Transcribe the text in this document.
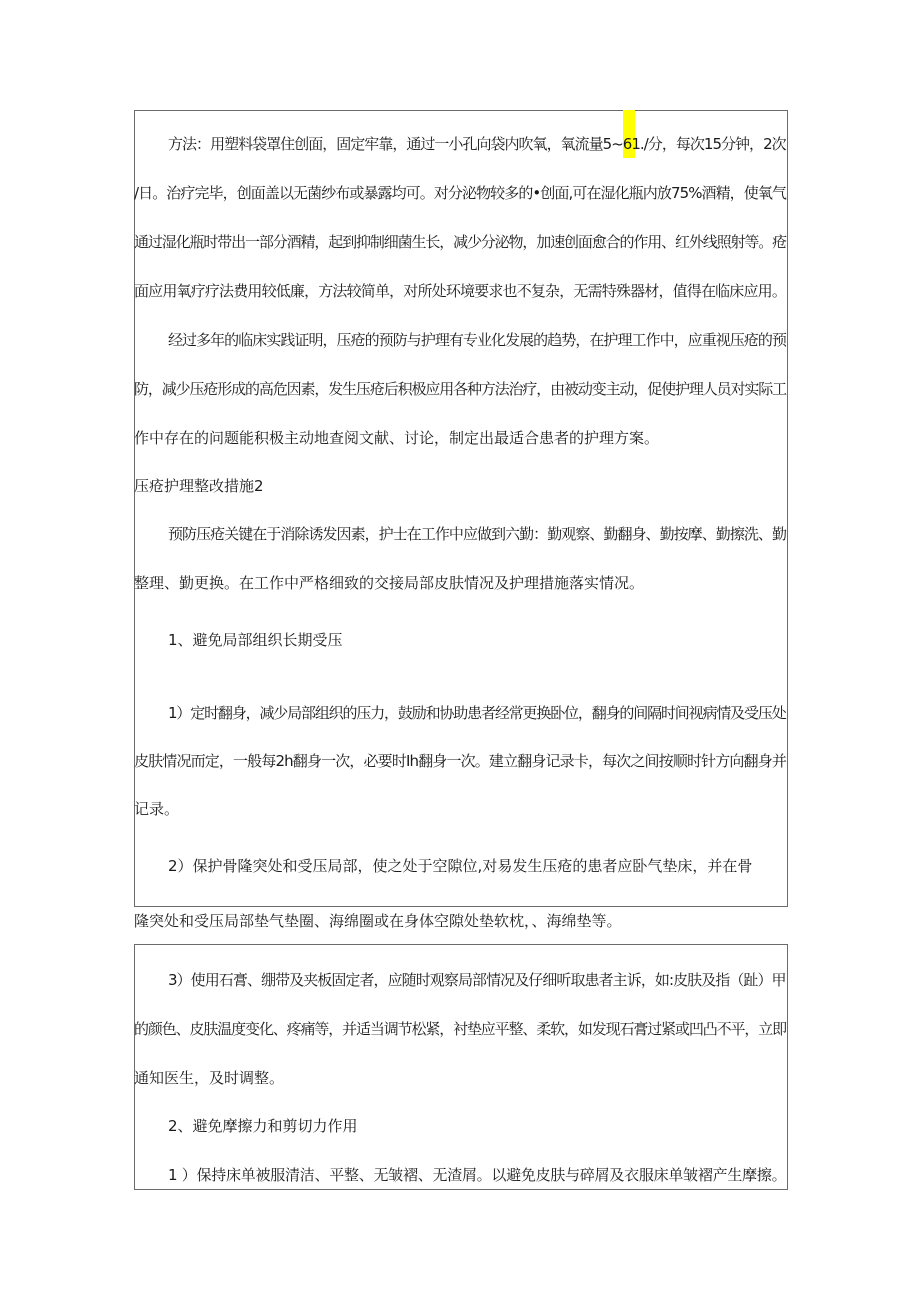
方法：用塑料袋罩住创面，固定牢靠，通过一小孔向袋内吹氧，氧流量5~61./分，每次15分钟，2次
/日。治疗完毕，创面盖以无菌纱布或暴露均可。对分泌物较多的•创面,可在湿化瓶内放75%酒精，使氧气
通过湿化瓶时带出一部分酒精，起到抑制细菌生长，减少分泌物，加速创面愈合的作用、红外线照射等。疮
面应用氧疗疗法费用较低廉，方法较简单，对所处环境要求也不复杂，无需特殊器材，值得在临床应用。
经过多年的临床实践证明，压疮的预防与护理有专业化发展的趋势，在护理工作中，应重视压疮的预
防，减少压疮形成的高危因素，发生压疮后积极应用各种方法治疗，由被动变主动，促使护理人员对实际工
作中存在的问题能积极主动地查阅文献、讨论，制定出最适合患者的护理方案。
压疮护理整改措施2
预防压疮关键在于消除诱发因素，护士在工作中应做到六勤：勤观察、勤翻身、勤按摩、勤擦洗、勤
整理、勤更换。在工作中严格细致的交接局部皮肤情况及护理措施落实情况。
1、避免局部组织长期受压
1）定时翻身，减少局部组织的压力，鼓励和协助患者经常更换卧位，翻身的间隔时间视病情及受压处
皮肤情况而定，一般每2h翻身一次，必要时Ih翻身一次。建立翻身记录卡，每次之间按顺时针方向翻身并
记录。
2）保护骨隆突处和受压局部，使之处于空隙位,对易发生压疮的患者应卧气垫床，并在骨
隆突处和受压局部垫气垫圈、海绵圈或在身体空隙处垫软枕，、海绵垫等。
3）使用石膏、绷带及夹板固定者，应随时观察局部情况及仔细听取患者主诉，如:皮肤及指（趾）甲
的颜色、皮肤温度变化、疼痛等，并适当调节松紧，衬垫应平整、柔软，如发现石膏过紧或凹凸不平，立即
通知医生，及时调整。
2、避免摩擦力和剪切力作用
1 ）保持床单被服清洁、平整、无皱褶、无渣屑。以避免皮肤与碎屑及衣服床单皱褶产生摩擦。
